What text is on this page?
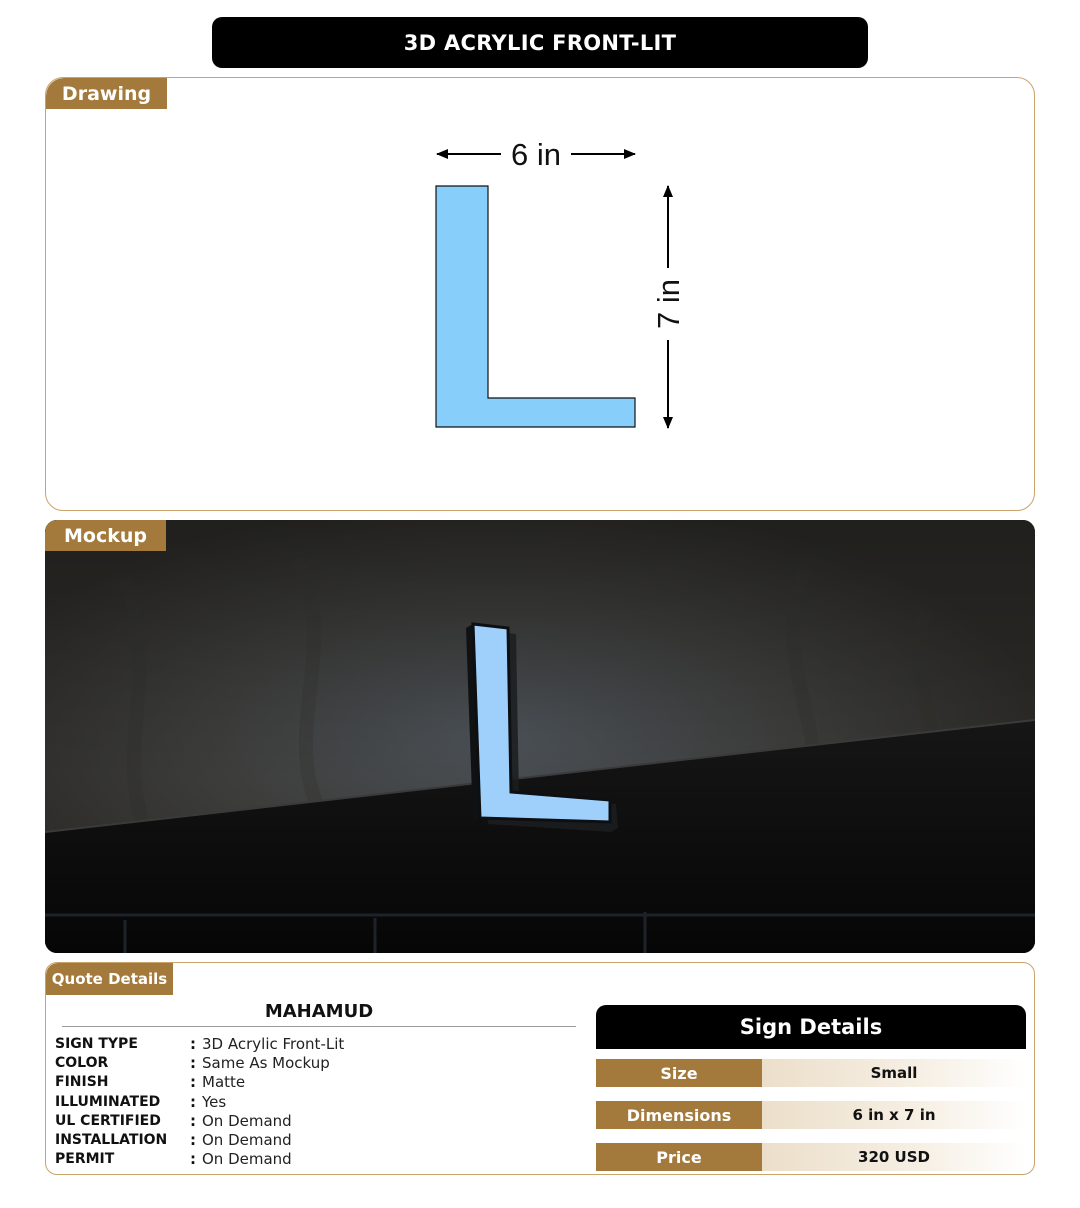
3D ACRYLIC FRONT-LIT
Drawing
6 in
7 in
Mockup
Quote Details
MAHAMUD
SIGN TYPE	: 3D Acrylic Front-Lit
COLOR	: Same As Mockup
FINISH	: Matte
ILLUMINATED	: Yes
UL CERTIFIED	: On Demand
INSTALLATION	: On Demand
PERMIT	: On Demand
Sign Details
Size	Small
Dimensions	6 in x 7 in
Price	320 USD
